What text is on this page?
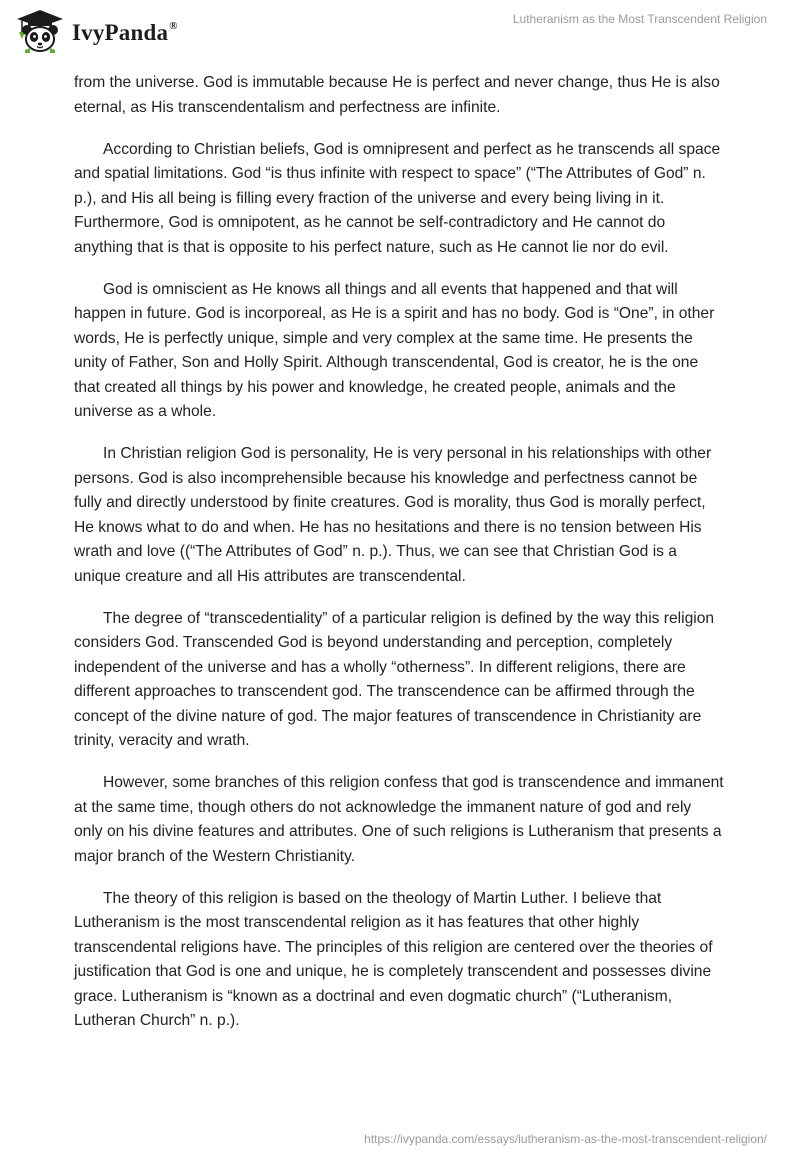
IvyPanda®
Lutheranism as the Most Transcendent Religion

from the universe. God is immutable because He is perfect and never change, thus He is also eternal, as His transcendentalism and perfectness are infinite.

According to Christian beliefs, God is omnipresent and perfect as he transcends all space and spatial limitations. God “is thus infinite with respect to space” (“The Attributes of God” n. p.), and His all being is filling every fraction of the universe and every being living in it. Furthermore, God is omnipotent, as he cannot be self-contradictory and He cannot do anything that is that is opposite to his perfect nature, such as He cannot lie nor do evil.

God is omniscient as He knows all things and all events that happened and that will happen in future. God is incorporeal, as He is a spirit and has no body. God is “One”, in other words, He is perfectly unique, simple and very complex at the same time. He presents the unity of Father, Son and Holly Spirit. Although transcendental, God is creator, he is the one that created all things by his power and knowledge, he created people, animals and the universe as a whole.

In Christian religion God is personality, He is very personal in his relationships with other persons. God is also incomprehensible because his knowledge and perfectness cannot be fully and directly understood by finite creatures. God is morality, thus God is morally perfect, He knows what to do and when. He has no hesitations and there is no tension between His wrath and love ((“The Attributes of God” n. p.). Thus, we can see that Christian God is a unique creature and all His attributes are transcendental.

The degree of “transcedentiality” of a particular religion is defined by the way this religion considers God. Transcended God is beyond understanding and perception, completely independent of the universe and has a wholly “otherness”. In different religions, there are different approaches to transcendent god. The transcendence can be affirmed through the concept of the divine nature of god. The major features of transcendence in Christianity are trinity, veracity and wrath.

However, some branches of this religion confess that god is transcendence and immanent at the same time, though others do not acknowledge the immanent nature of god and rely only on his divine features and attributes. One of such religions is Lutheranism that presents a major branch of the Western Christianity.

The theory of this religion is based on the theology of Martin Luther. I believe that Lutheranism is the most transcendental religion as it has features that other highly transcendental religions have. The principles of this religion are centered over the theories of justification that God is one and unique, he is completely transcendent and possesses divine grace. Lutheranism is “known as a doctrinal and even dogmatic church” (“Lutheranism, Lutheran Church” n. p.).

https://ivypanda.com/essays/lutheranism-as-the-most-transcendent-religion/
